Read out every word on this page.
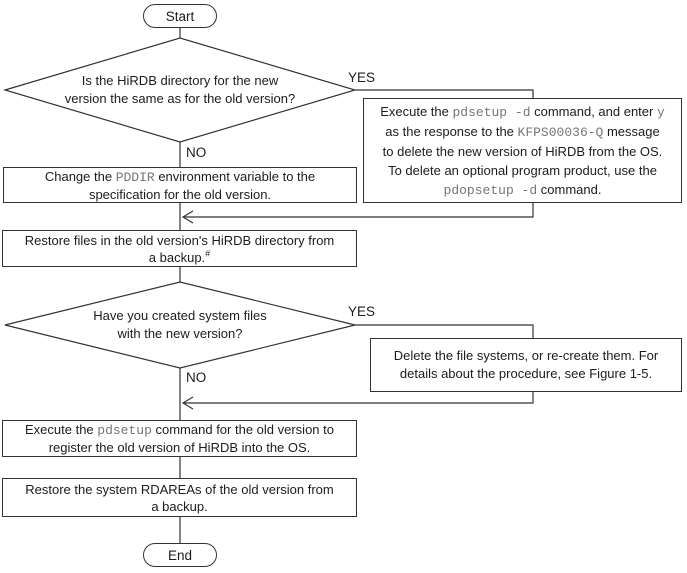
Start
Is the HiRDB directory for the new
version the same as for the old version?
YES
NO
Execute the pdsetup -d command, and enter y
as the response to the KFPS00036-Q message
to delete the new version of HiRDB from the OS.
To delete an optional program product, use the
pdopsetup -d command.
Change the PDDIR environment variable to the
specification for the old version.
Restore files in the old version's HiRDB directory from
a backup.#
Have you created system files
with the new version?
YES
NO
Delete the file systems, or re-create them. For
details about the procedure, see Figure 1-5.
Execute the pdsetup command for the old version to
register the old version of HiRDB into the OS.
Restore the system RDAREAs of the old version from
a backup.
End
